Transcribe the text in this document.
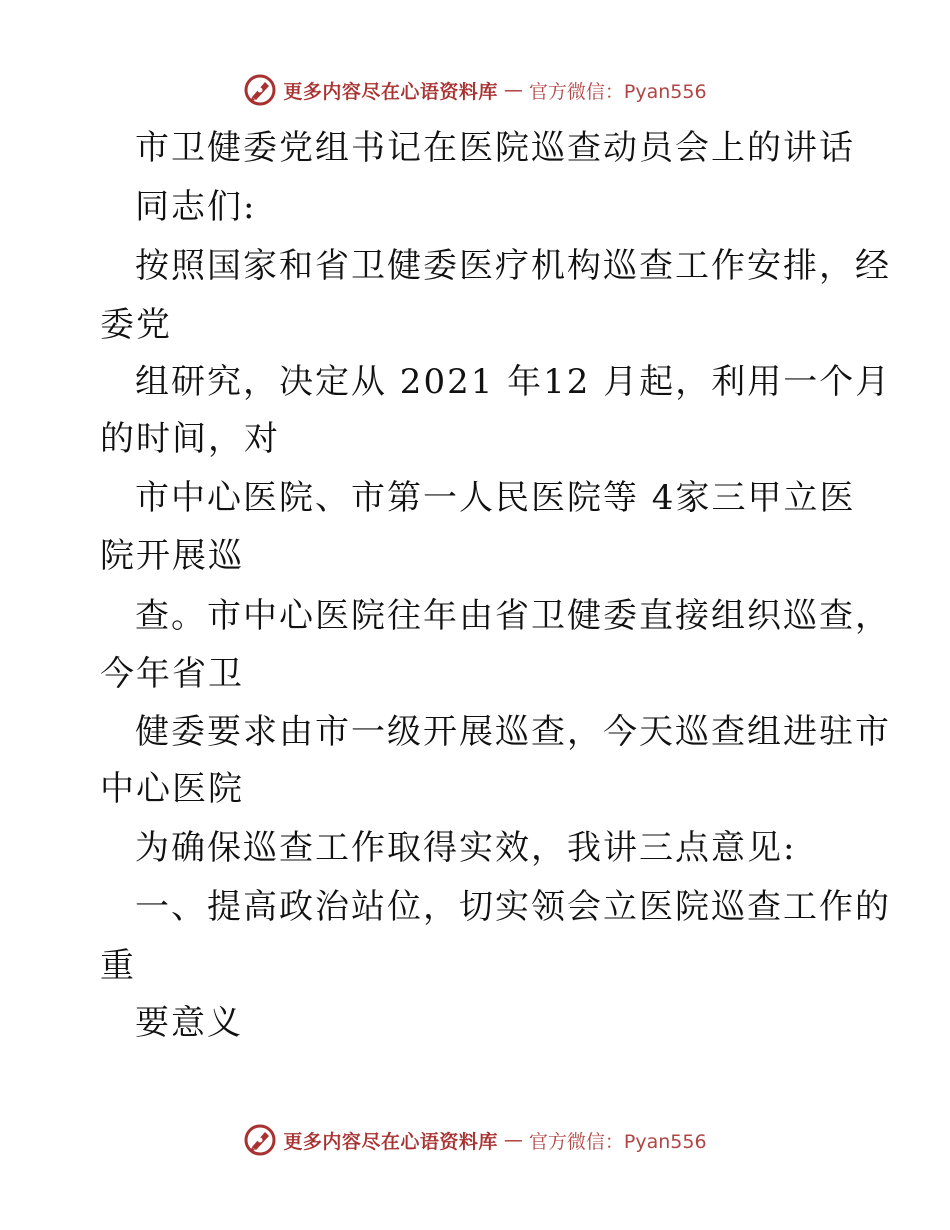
更多内容尽在心语资料库 — 官方微信：Pyan556
市卫健委党组书记在医院巡查动员会上的讲话
同志们:
按照国家和省卫健委医疗机构巡查工作安排，经
委党
组研究，决定从 2021 年12 月起，利用一个月
的时间，对
市中心医院、市第一人民医院等 4家三甲立医
院开展巡
查。市中心医院往年由省卫健委直接组织巡查，
今年省卫
健委要求由市一级开展巡查，今天巡查组进驻市
中心医院
为确保巡查工作取得实效，我讲三点意见:
一、提高政治站位，切实领会立医院巡查工作的
重
要意义
更多内容尽在心语资料库 — 官方微信：Pyan556
